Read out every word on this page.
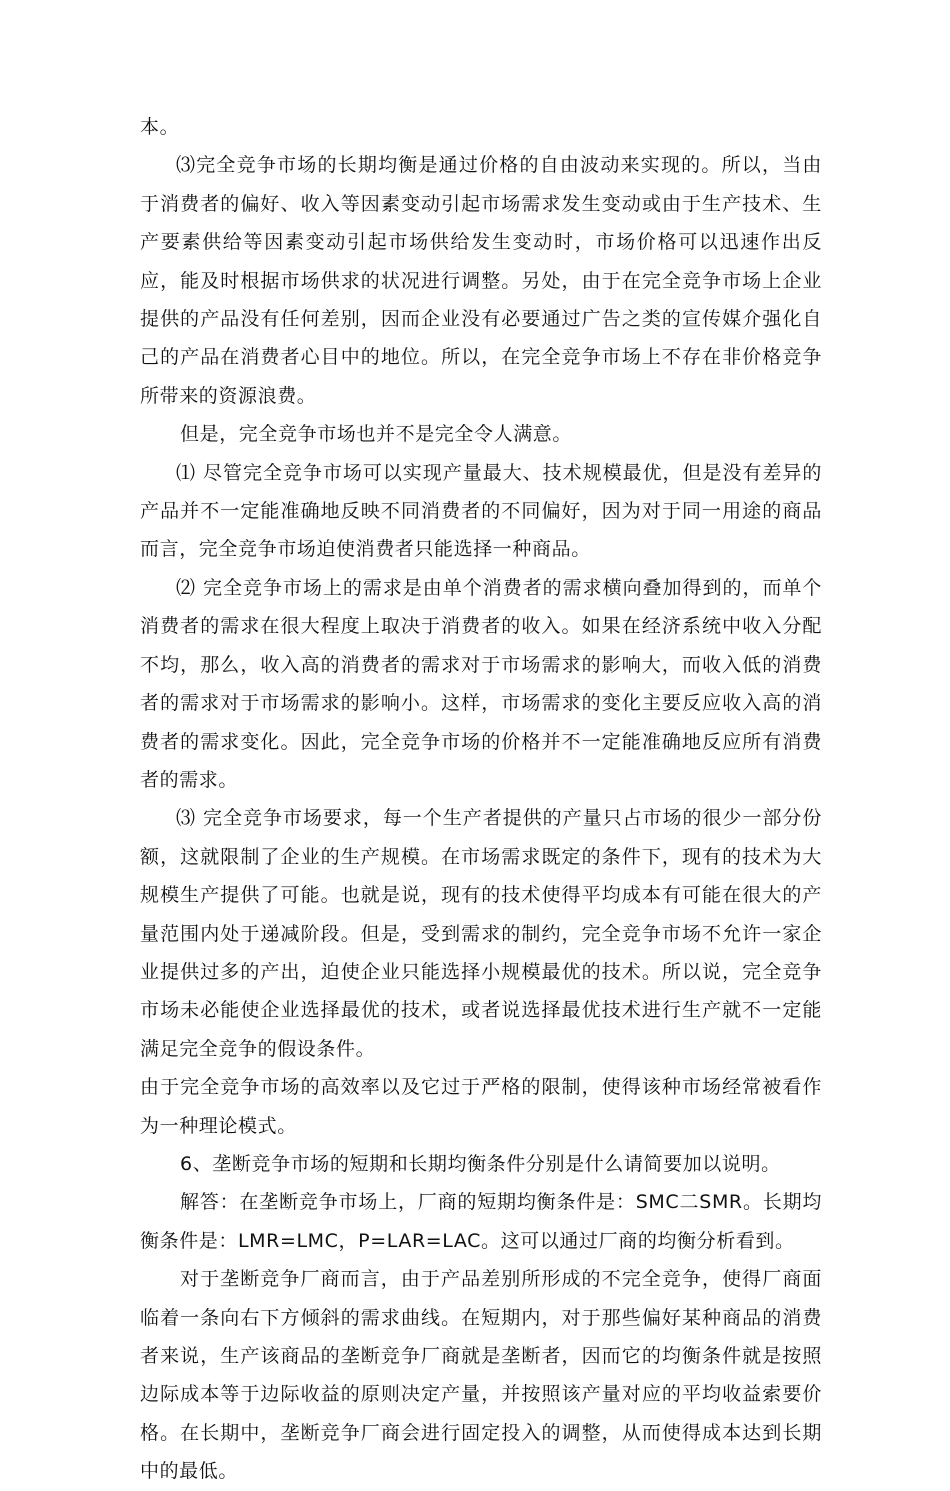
本。

⑶完全竞争市场的长期均衡是通过价格的自由波动来实现的。所以，当由于消费者的偏好、收入等因素变动引起市场需求发生变动或由于生产技术、生产要素供给等因素变动引起市场供给发生变动时，市场价格可以迅速作出反应，能及时根据市场供求的状况进行调整。另处，由于在完全竞争市场上企业提供的产品没有任何差别，因而企业没有必要通过广告之类的宣传媒介强化自己的产品在消费者心目中的地位。所以，在完全竞争市场上不存在非价格竞争所带来的资源浪费。

但是，完全竞争市场也并不是完全令人满意。

⑴ 尽管完全竞争市场可以实现产量最大、技术规模最优，但是没有差异的产品并不一定能准确地反映不同消费者的不同偏好，因为对于同一用途的商品而言，完全竞争市场迫使消费者只能选择一种商品。

⑵ 完全竞争市场上的需求是由单个消费者的需求横向叠加得到的，而单个消费者的需求在很大程度上取决于消费者的收入。如果在经济系统中收入分配不均，那么，收入高的消费者的需求对于市场需求的影响大，而收入低的消费者的需求对于市场需求的影响小。这样，市场需求的变化主要反应收入高的消费者的需求变化。因此，完全竞争市场的价格并不一定能准确地反应所有消费者的需求。

⑶ 完全竞争市场要求，每一个生产者提供的产量只占市场的很少一部分份额，这就限制了企业的生产规模。在市场需求既定的条件下，现有的技术为大规模生产提供了可能。也就是说，现有的技术使得平均成本有可能在很大的产量范围内处于递减阶段。但是，受到需求的制约，完全竞争市场不允许一家企业提供过多的产出，迫使企业只能选择小规模最优的技术。所以说，完全竞争市场未必能使企业选择最优的技术，或者说选择最优技术进行生产就不一定能满足完全竞争的假设条件。

由于完全竞争市场的高效率以及它过于严格的限制，使得该种市场经常被看作为一种理论模式。

6、垄断竞争市场的短期和长期均衡条件分别是什么请简要加以说明。

解答：在垄断竞争市场上，厂商的短期均衡条件是：SMC二SMR。长期均衡条件是：LMR=LMC，P=LAR=LAC。这可以通过厂商的均衡分析看到。

对于垄断竞争厂商而言，由于产品差别所形成的不完全竞争，使得厂商面临着一条向右下方倾斜的需求曲线。在短期内，对于那些偏好某种商品的消费者来说，生产该商品的垄断竞争厂商就是垄断者，因而它的均衡条件就是按照边际成本等于边际收益的原则决定产量，并按照该产量对应的平均收益索要价格。在长期中，垄断竞争厂商会进行固定投入的调整，从而使得成本达到长期中的最低。
